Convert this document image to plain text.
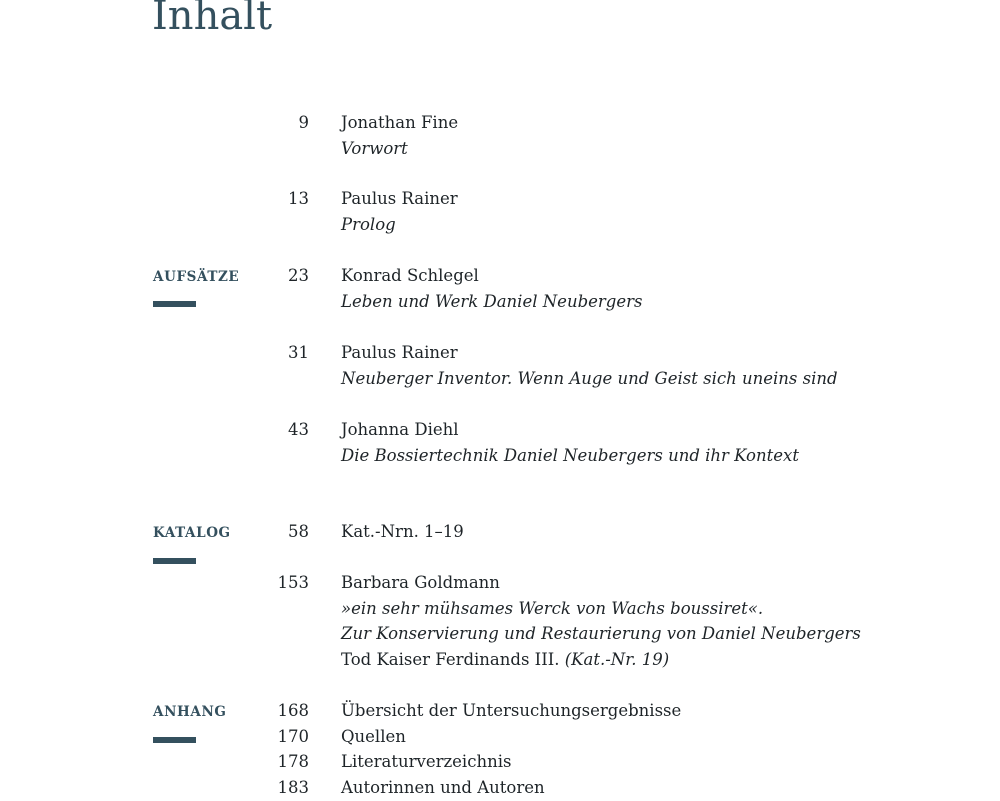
Inhalt
9 Jonathan Fine
Vorwort
13 Paulus Rainer
Prolog
AUFSÄTZE	23 Konrad Schlegel
Leben und Werk Daniel Neubergers
31 Paulus Rainer
Neuberger Inventor. Wenn Auge und Geist sich uneins sind
43 Johanna Diehl
Die Bossiertechnik Daniel Neubergers und ihr Kontext
KATALOG	58 Kat.-Nrn. 1–19
153 Barbara Goldmann
»ein sehr mühsames Werck von Wachs boussiret«.
Zur Konservierung und Restaurierung von Daniel Neubergers
Tod Kaiser Ferdinands III. (Kat.-Nr. 19)
ANHANG	168 Übersicht der Untersuchungsergebnisse
170 Quellen
178 Literaturverzeichnis
183 Autorinnen und Autoren
